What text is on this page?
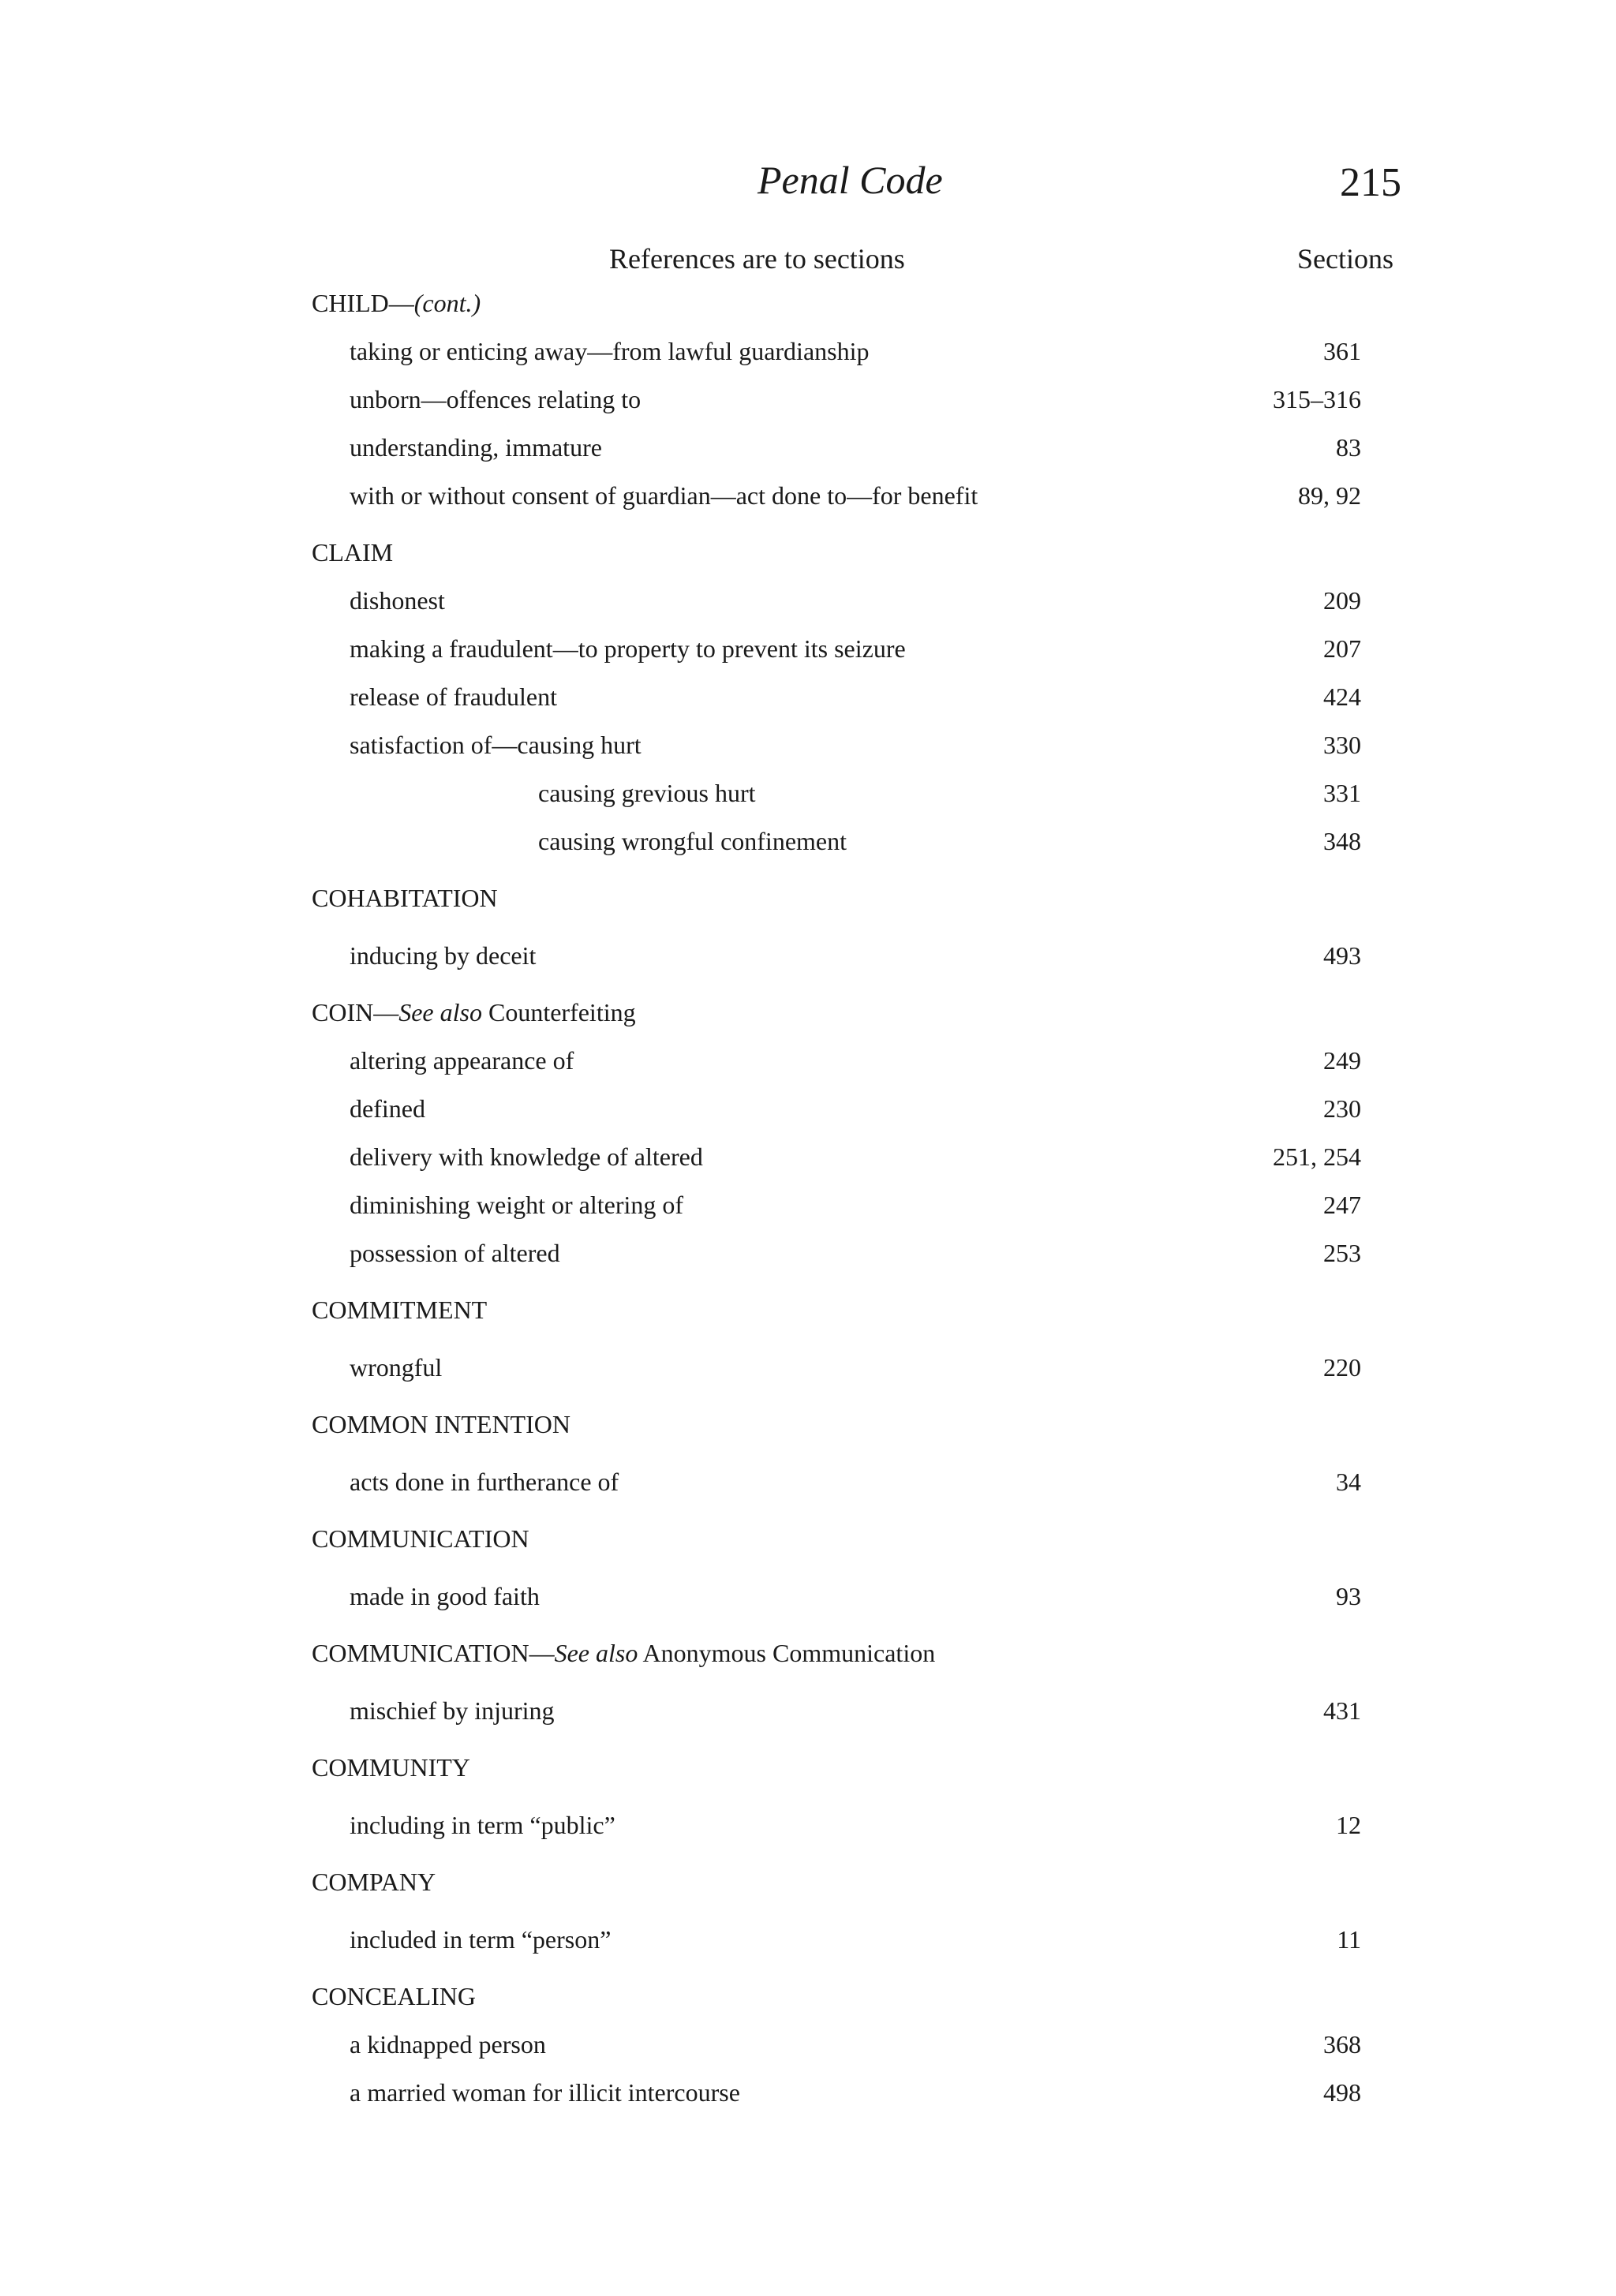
Penal Code	215
References are to sections	Sections
CHILD—(cont.)
taking or enticing away—from lawful guardianship	361
unborn—offences relating to	315–316
understanding, immature	83
with or without consent of guardian—act done to—for benefit	89, 92
CLAIM
dishonest	209
making a fraudulent—to property to prevent its seizure	207
release of fraudulent	424
satisfaction of—causing hurt	330
causing grevious hurt	331
causing wrongful confinement	348
COHABITATION
inducing by deceit	493
COIN—See also Counterfeiting
altering appearance of	249
defined	230
delivery with knowledge of altered	251, 254
diminishing weight or altering of	247
possession of altered	253
COMMITMENT
wrongful	220
COMMON INTENTION
acts done in furtherance of	34
COMMUNICATION
made in good faith	93
COMMUNICATION—See also Anonymous Communication
mischief by injuring	431
COMMUNITY
including in term “public”	12
COMPANY
included in term “person”	11
CONCEALING
a kidnapped person	368
a married woman for illicit intercourse	498
